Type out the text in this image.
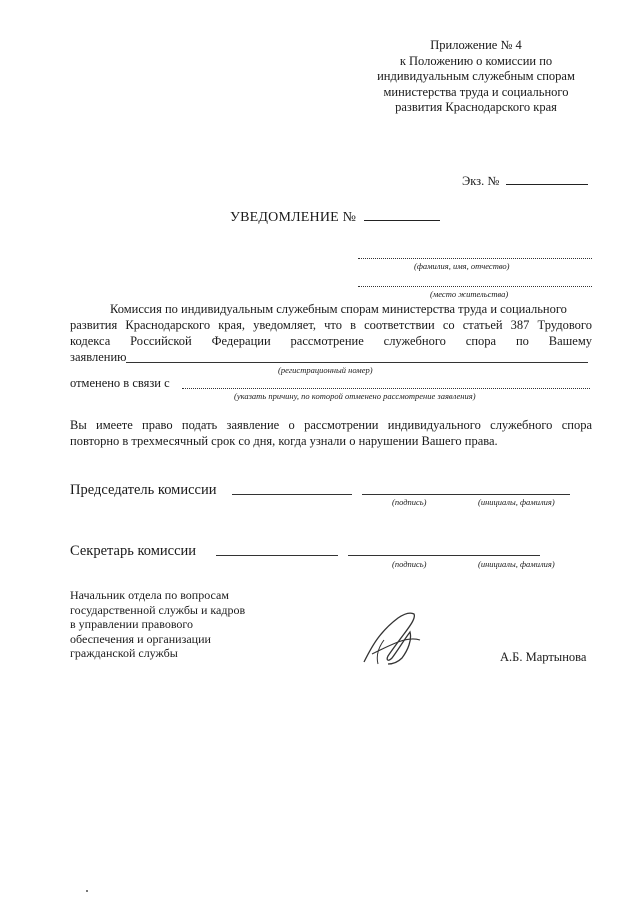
Приложение № 4
к Положению о комиссии по
индивидуальным служебным спорам
министерства труда и социального
развития Краснодарского края
Экз. №
УВЕДОМЛЕНИЕ №
(фамилия, имя, отчество)
(место жительства)
Комиссия по индивидуальным служебным спорам министерства труда и социального
развития Краснодарского края, уведомляет, что в соответствии со статьей 387 Трудового
кодекса Российской Федерации рассмотрение служебного спора по Вашему
заявлению
(регистрационный номер)
отменено в связи с
(указать причину, по которой отменено рассмотрение заявления)
Вы имеете право подать заявление о рассмотрении индивидуального служебного спора
повторно в трехмесячный срок со дня, когда узнали о нарушении Вашего права.
Председатель комиссии
(подпись)	(инициалы, фамилия)
Секретарь комиссии
(подпись)	(инициалы, фамилия)
Начальник отдела по вопросам
государственной службы и кадров
в управлении правового
обеспечения и организации
гражданской службы	А.Б. Мартынова
